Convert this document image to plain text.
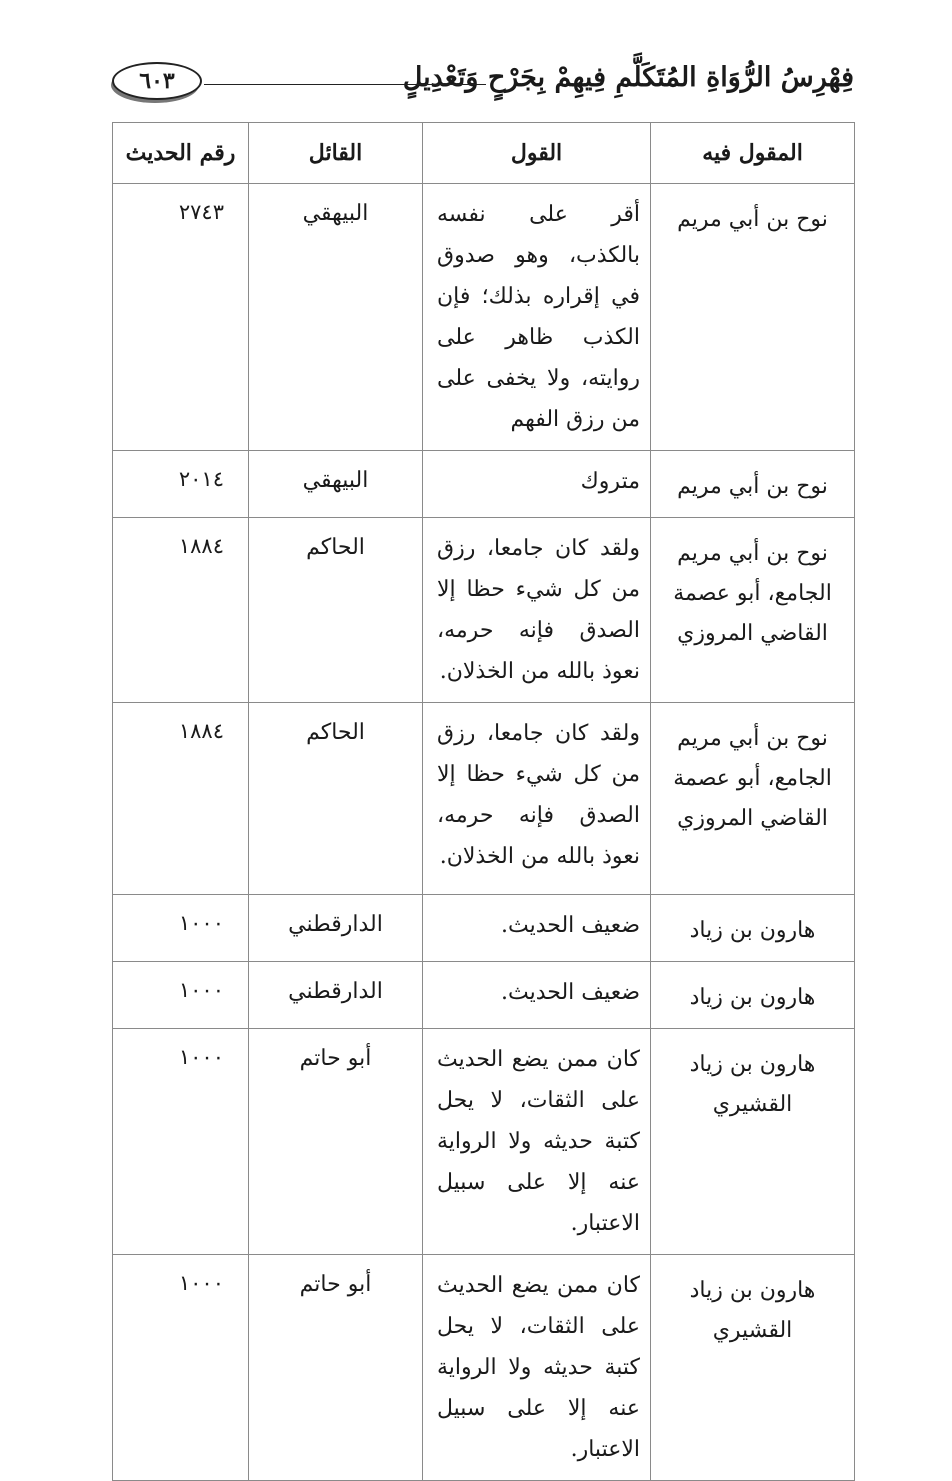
فِهْرِسُ الرُّوَاةِ المُتَكَلَّمِ فِيهِمْ بِجَرْحٍ وَتَعْدِيلٍ
٦٠٣
المقول فيه	القول	القائل	رقم الحديث
نوح بن أبي مريم	أقر على نفسه بالكذب، وهو صدوق في إقراره بذلك؛ فإن الكذب ظاهر على روايته، ولا يخفى على من رزق الفهم	البيهقي	٢٧٤٣
نوح بن أبي مريم	متروك	البيهقي	٢٠١٤
نوح بن أبي مريم الجامع، أبو عصمة القاضي المروزي	ولقد كان جامعا، رزق من كل شيء حظا إلا الصدق فإنه حرمه، نعوذ بالله من الخذلان.	الحاكم	١٨٨٤
نوح بن أبي مريم الجامع، أبو عصمة القاضي المروزي	ولقد كان جامعا، رزق من كل شيء حظا إلا الصدق فإنه حرمه، نعوذ بالله من الخذلان.	الحاكم	١٨٨٤
هارون بن زياد	ضعيف الحديث.	الدارقطني	١٠٠٠
هارون بن زياد	ضعيف الحديث.	الدارقطني	١٠٠٠
هارون بن زياد القشيري	كان ممن يضع الحديث على الثقات، لا يحل كتبة حديثه ولا الرواية عنه إلا على سبيل الاعتبار.	أبو حاتم	١٠٠٠
هارون بن زياد القشيري	كان ممن يضع الحديث على الثقات، لا يحل كتبة حديثه ولا الرواية عنه إلا على سبيل الاعتبار.	أبو حاتم	١٠٠٠
